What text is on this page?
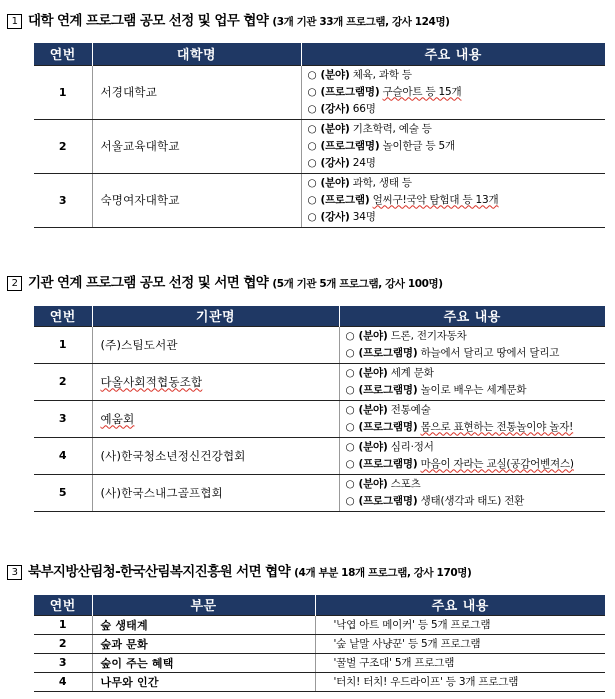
1 대학 연계 프로그램 공모 선정 및 업무 협약 (3개 기관 33개 프로그램, 강사 124명)
연번	대학명	주요 내용
1	서경대학교	○ (분야) 체육, 과학 등
○ (프로그램명) 구슬아트 등 15개
○ (강사) 66명

2	서울교육대학교	○ (분야) 기초학력, 예술 등
○ (프로그램명) 놀이한글 등 5개
○ (강사) 24명

3	숙명여자대학교	○ (분야) 과학, 생태 등
○ (프로그램) 얼씨구!국악 탐험대 등 13개
○ (강사) 34명
2 기관 연계 프로그램 공모 선정 및 서면 협약 (5개 기관 5개 프로그램, 강사 100명)
연번	기관명	주요 내용
1	(주)스팀도서관	○ (분야) 드론, 전기자동차
○ (프로그램명) 하늘에서 달리고 땅에서 달리고

2	다올사회적협동조합	○ (분야) 세계 문화
○ (프로그램명) 놀이로 배우는 세계문화

3	예움회	○ (분야) 전통예술
○ (프로그램명) 몸으로 표현하는 전통놀이야 놀자!

4	(사)한국청소년정신건강협회	○ (분야) 심리·정서
○ (프로그램명) 마음이 자라는 교실(공감어벤져스)

5	(사)한국스내그골프협회	○ (분야) 스포츠
○ (프로그램명) 생태(생각과 태도) 전환
3 북부지방산림청-한국산림복지진흥원 서면 협약 (4개 부분 18개 프로그램, 강사 170명)
연번	부문	주요 내용
1	숲 생태계	'낙엽 아트 메이커' 등 5개 프로그램
2	숲과 문화	'숲 낱말 사냥꾼' 등 5개 프로그램
3	숲이 주는 혜택	'꿀벌 구조대' 5개 프로그램
4	나무와 인간	'터치! 터치! 우드라이프' 등 3개 프로그램
